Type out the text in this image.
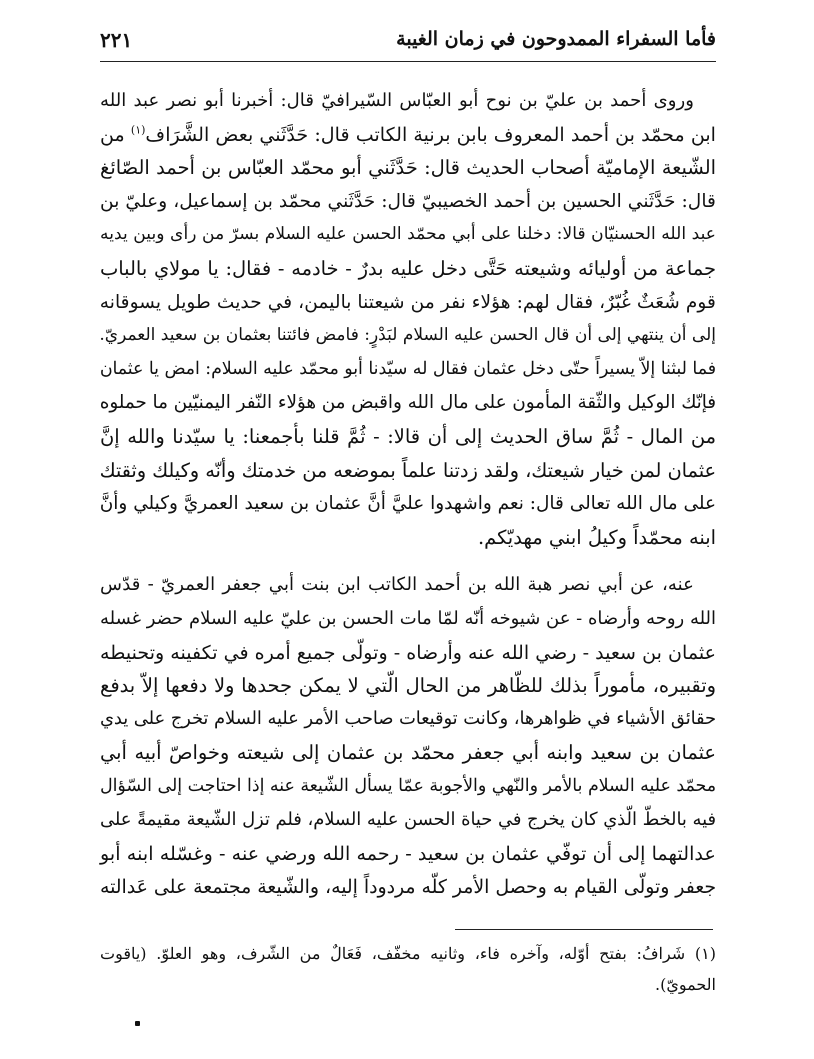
فأما السفراء الممدوحون في زمان الغيبة
٢٢١
وروى أحمد بن عليّ بن نوح أبو العبّاس السّيرافيّ قال: أخبرنا أبو نصر عبد الله
ابن محمّد بن أحمد المعروف بابن برنية الكاتب قال: حَدَّثَني بعض الشَّرَاف$^{(١)}$ من
الشّيعة الإماميّة أصحاب الحديث قال: حَدَّثَني أبو محمّد العبّاس بن أحمد الصّائغ
قال: حَدَّثَني الحسين بن أحمد الخصيبيّ قال: حَدَّثَني محمّد بن إسماعيل، وعليّ بن
عبد الله الحسنيّان قالا: دخلنا على أبي محمّد الحسن عليه السلام بسرّ من رأى وبين يديه
جماعة من أوليائه وشيعته حَتَّى دخل عليه بدرٌ - خادمه - فقال: يا مولاي بالباب
قوم شُعَثٌ غُبّرٌ، فقال لهم: هؤلاء نفر من شيعتنا باليمن، في حديث طويل يسوقانه
إلى أن ينتهي إلى أن قال الحسن عليه السلام لبَدْرٍ: فامض فائتنا بعثمان بن سعيد العمريّ.
فما لبثنا إلاّ يسيراً حتّى دخل عثمان فقال له سيّدنا أبو محمّد عليه السلام: امض يا عثمان
فإنّك الوكيل والثّقة المأمون على مال الله واقبض من هؤلاء النّفر اليمنيّين ما حملوه
من المال - ثُمَّ ساق الحديث إلى أن قالا: - ثُمَّ قلنا بأجمعنا: يا سيّدنا والله إنَّ
عثمان لمن خيار شيعتك، ولقد زدتنا علماً بموضعه من خدمتك وأنّه وكيلك وثقتك
على مال الله تعالى قال: نعم واشهدوا عليَّ أنَّ عثمان بن سعيد العمريَّ وكيلي وأنَّ
ابنه محمّداً وكيلُ ابني مهديّكم.
عنه، عن أبي نصر هبة الله بن أحمد الكاتب ابن بنت أبي جعفر العمريّ - قدّس
الله روحه وأرضاه - عن شيوخه أنّه لمّا مات الحسن بن عليّ عليه السلام حضر غسله
عثمان بن سعيد - رضي الله عنه وأرضاه - وتولّى جميع أمره في تكفينه وتحنيطه
وتقبيره، مأموراً بذلك للظّاهر من الحال الّتي لا يمكن جحدها ولا دفعها إلاّ بدفع
حقائق الأشياء في ظواهرها، وكانت توقيعات صاحب الأمر عليه السلام تخرج على يدي
عثمان بن سعيد وابنه أبي جعفر محمّد بن عثمان إلى شيعته وخواصّ أبيه أبي
محمّد عليه السلام بالأمر والنّهي والأجوبة عمّا يسأل الشّيعة عنه إذا احتاجت إلى السّؤال
فيه بالخطّ الّذي كان يخرج في حياة الحسن عليه السلام، فلم تزل الشّيعة مقيمةً على
عدالتهما إلى أن توفّي عثمان بن سعيد - رحمه الله ورضي عنه - وغسّله ابنه أبو
جعفر وتولّى القيام به وحصل الأمر كلّه مردوداً إليه، والشّيعة مجتمعة على عَدالته
(١) شَرافُ: بفتح أوّله، وآخره فاء، وثانيه مخفّف، فَعَالٌ من الشّرف، وهو العلوّ. (ياقوت
الحمويّ).
